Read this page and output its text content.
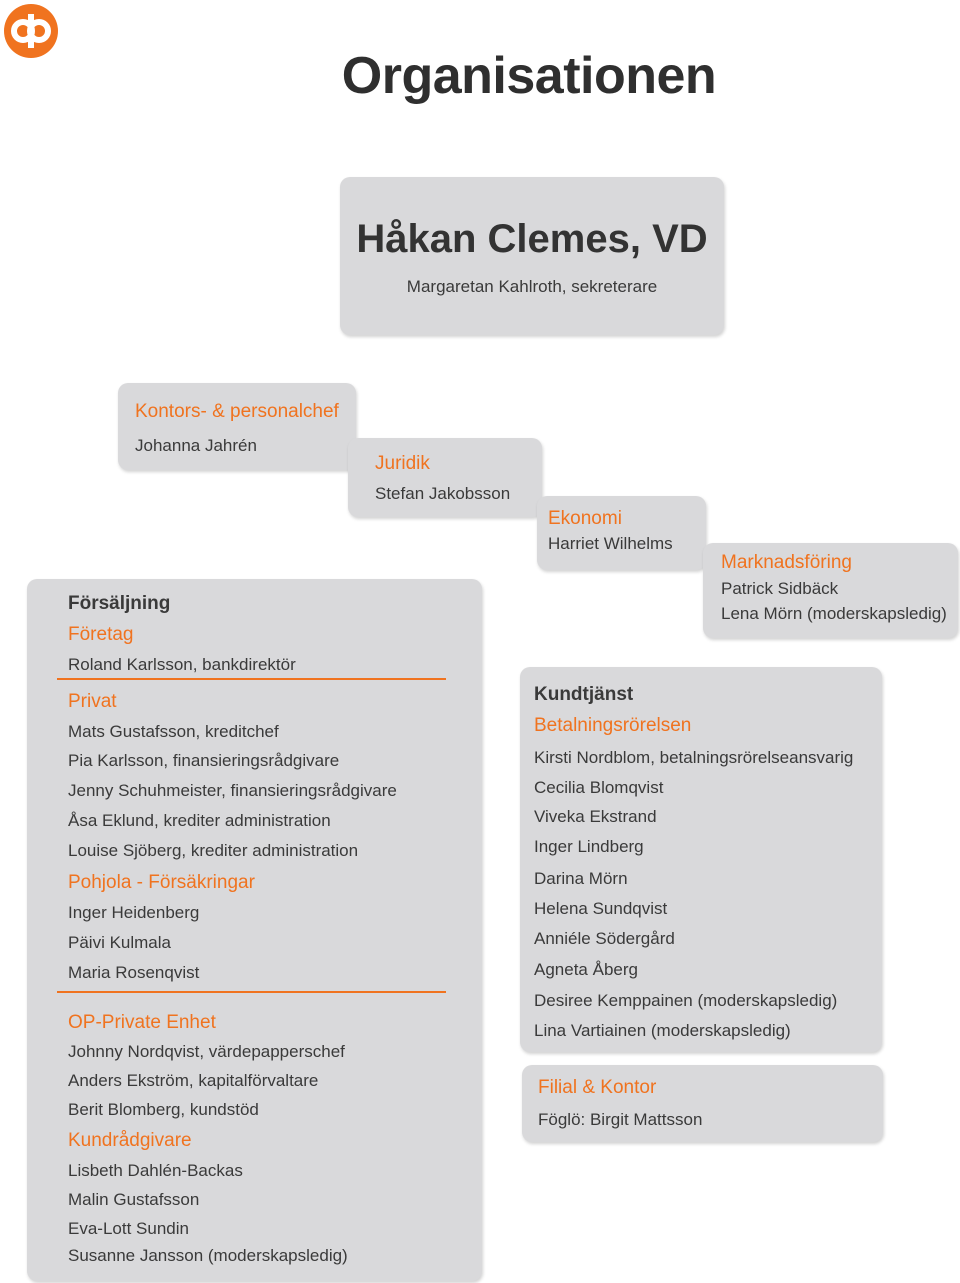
Organisationen
Håkan Clemes, VD
Margaretan Kahlroth, sekreterare
Kontors- & personalchef
Johanna Jahrén
Juridik
Stefan Jakobsson
Ekonomi
Harriet Wilhelms
Marknadsföring
Patrick Sidbäck
Lena Mörn (moderskapsledig)
Försäljning
Företag
Roland Karlsson, bankdirektör
Privat
Mats Gustafsson, kreditchef
Pia Karlsson, finansieringsrådgivare
Jenny Schuhmeister, finansieringsrådgivare
Åsa Eklund, krediter administration
Louise Sjöberg, krediter administration
Pohjola - Försäkringar
Inger Heidenberg
Päivi Kulmala
Maria Rosenqvist
OP-Private Enhet
Johnny Nordqvist, värdepapperschef
Anders Ekström, kapitalförvaltare
Berit Blomberg, kundstöd
Kundrådgivare
Lisbeth Dahlén-Backas
Malin Gustafsson
Eva-Lott Sundin
Susanne Jansson (moderskapsledig)
Kundtjänst
Betalningsrörelsen
Kirsti Nordblom, betalningsrörelseansvarig
Cecilia Blomqvist
Viveka Ekstrand
Inger Lindberg
Darina Mörn
Helena Sundqvist
Anniéle Södergård
Agneta Åberg
Desiree Kemppainen (moderskapsledig)
Lina Vartiainen (moderskapsledig)
Filial & Kontor
Föglö: Birgit Mattsson
